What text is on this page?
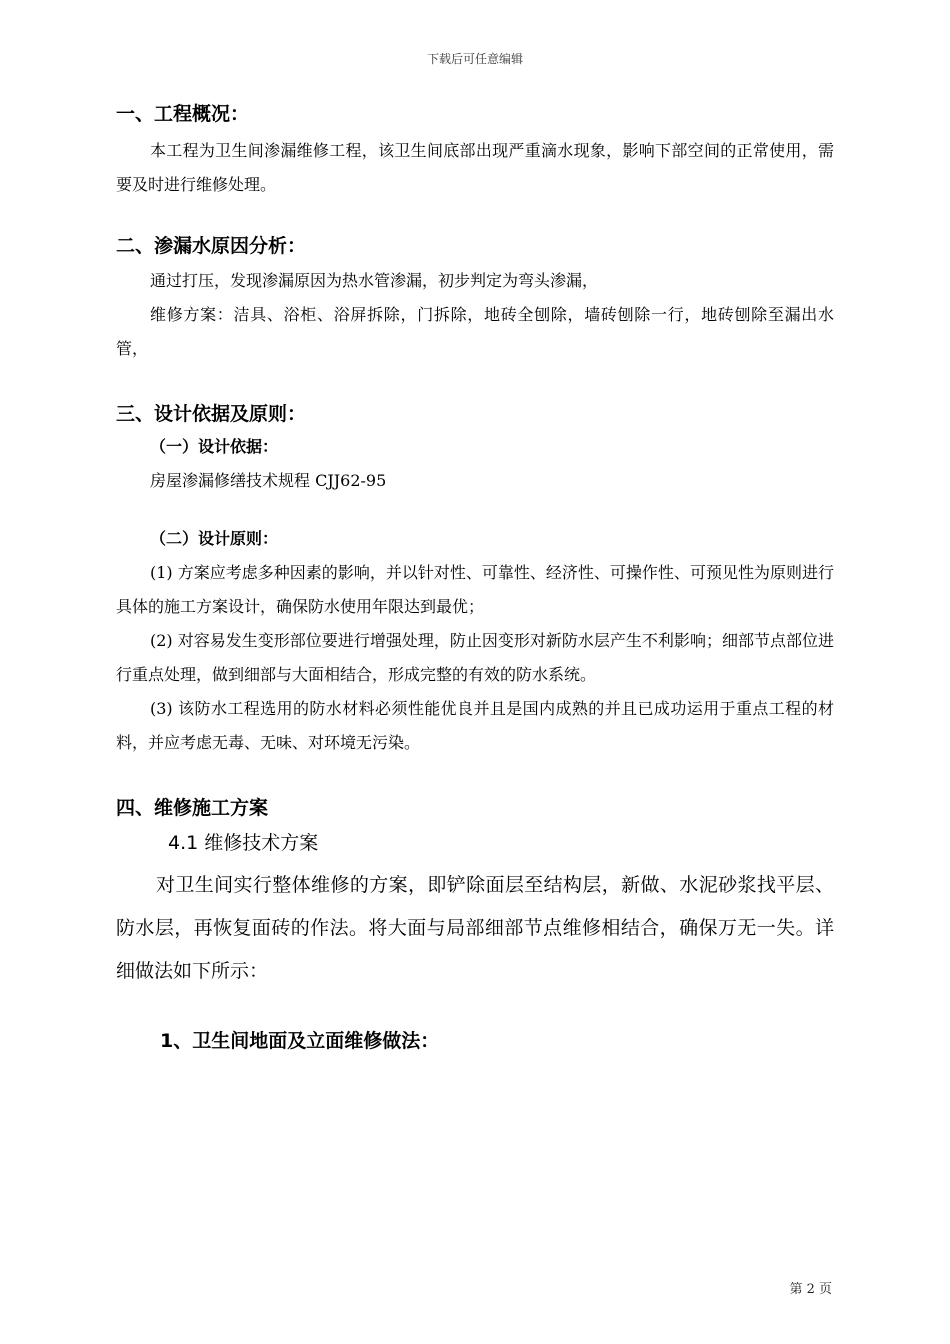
下载后可任意编辑
一、工程概况：

本工程为卫生间渗漏维修工程，该卫生间底部出现严重滴水现象，影响下部空间的正常使用，需要及时进行维修处理。

二、渗漏水原因分析：

通过打压，发现渗漏原因为热水管渗漏，初步判定为弯头渗漏，

维修方案：洁具、浴柜、浴屏拆除，门拆除，地砖全刨除，墙砖刨除一行，地砖刨除至漏出水管，

三、设计依据及原则：
（一）设计依据：

房屋渗漏修缮技术规程 CJJ62-95

（二）设计原则：

(1) 方案应考虑多种因素的影响，并以针对性、可靠性、经济性、可操作性、可预见性为原则进行具体的施工方案设计，确保防水使用年限达到最优；

(2) 对容易发生变形部位要进行增强处理，防止因变形对新防水层产生不利影响；细部节点部位进行重点处理，做到细部与大面相结合，形成完整的有效的防水系统。

(3) 该防水工程选用的防水材料必须性能优良并且是国内成熟的并且已成功运用于重点工程的材料，并应考虑无毒、无味、对环境无污染。

四、维修施工方案

4.1 维修技术方案

对卫生间实行整体维修的方案，即铲除面层至结构层，新做、水泥砂浆找平层、防水层，再恢复面砖的作法。将大面与局部细部节点维修相结合，确保万无一失。详细做法如下所示：

1、卫生间地面及立面维修做法：
第 2 页
